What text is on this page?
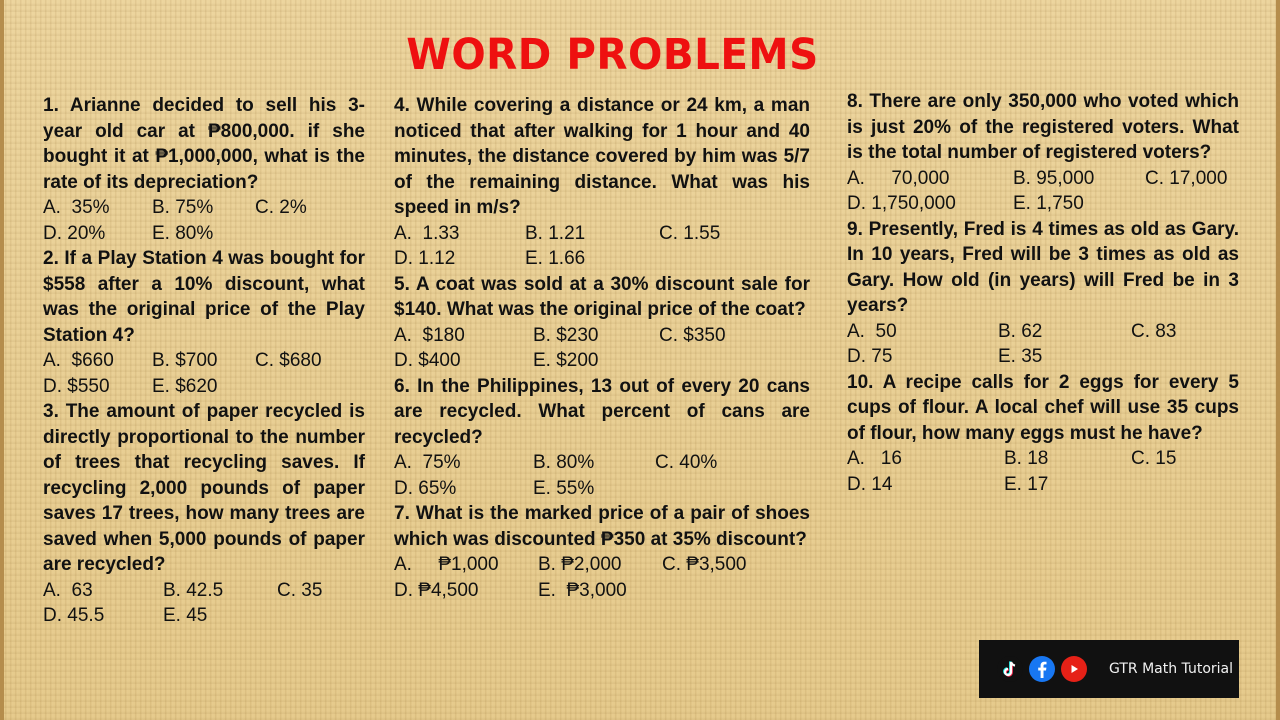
WORD PROBLEMS
1. Arianne decided to sell his 3-year old car at ₱800,000. if she bought it at ₱1,000,000, what is the rate of its depreciation?
A.  35%	B. 75%	C. 2%
D. 20%	E. 80%
2. If a Play Station 4 was bought for $558 after a 10% discount, what was the original price of the Play Station 4?
A.  $660	B. $700	C. $680
D. $550	E. $620
3. The amount of paper recycled is directly proportional to the number of trees that recycling saves. If recycling 2,000 pounds of paper saves 17 trees, how many trees are saved when 5,000 pounds of paper are recycled?
A.  63	B. 42.5	C. 35
D. 45.5	E. 45
4. While covering a distance or 24 km, a man noticed that after walking for 1 hour and 40 minutes, the distance covered by him was 5/7 of the remaining distance. What was his speed in m/s?
A.  1.33	B. 1.21	C. 1.55
D. 1.12	E. 1.66
5. A coat was sold at a 30% discount sale for $140. What was the original price of the coat?
A.  $180	B. $230	C. $350
D. $400	E. $200
6. In the Philippines, 13 out of every 20 cans are recycled. What percent of cans are recycled?
A.  75%	B. 80%	C. 40%
D. 65%	E. 55%
7. What is the marked price of a pair of shoes which was discounted ₱350 at 35% discount?
A.     ₱1,000	B. ₱2,000	C. ₱3,500
D. ₱4,500	E.  ₱3,000
8. There are only 350,000 who voted which is just 20% of the registered voters. What is the total number of registered voters?
A.     70,000	B. 95,000	C. 17,000
D. 1,750,000	E. 1,750
9. Presently, Fred is 4 times as old as Gary. In 10 years, Fred will be 3 times as old as Gary. How old (in years) will Fred be in 3 years?
A.  50	B. 62	C. 83
D. 75	E. 35
10. A recipe calls for 2 eggs for every 5 cups of flour. A local chef will use 35 cups of flour, how many eggs must he have?
A.   16	B. 18	C. 15
D. 14	E. 17
GTR Math Tutorial
